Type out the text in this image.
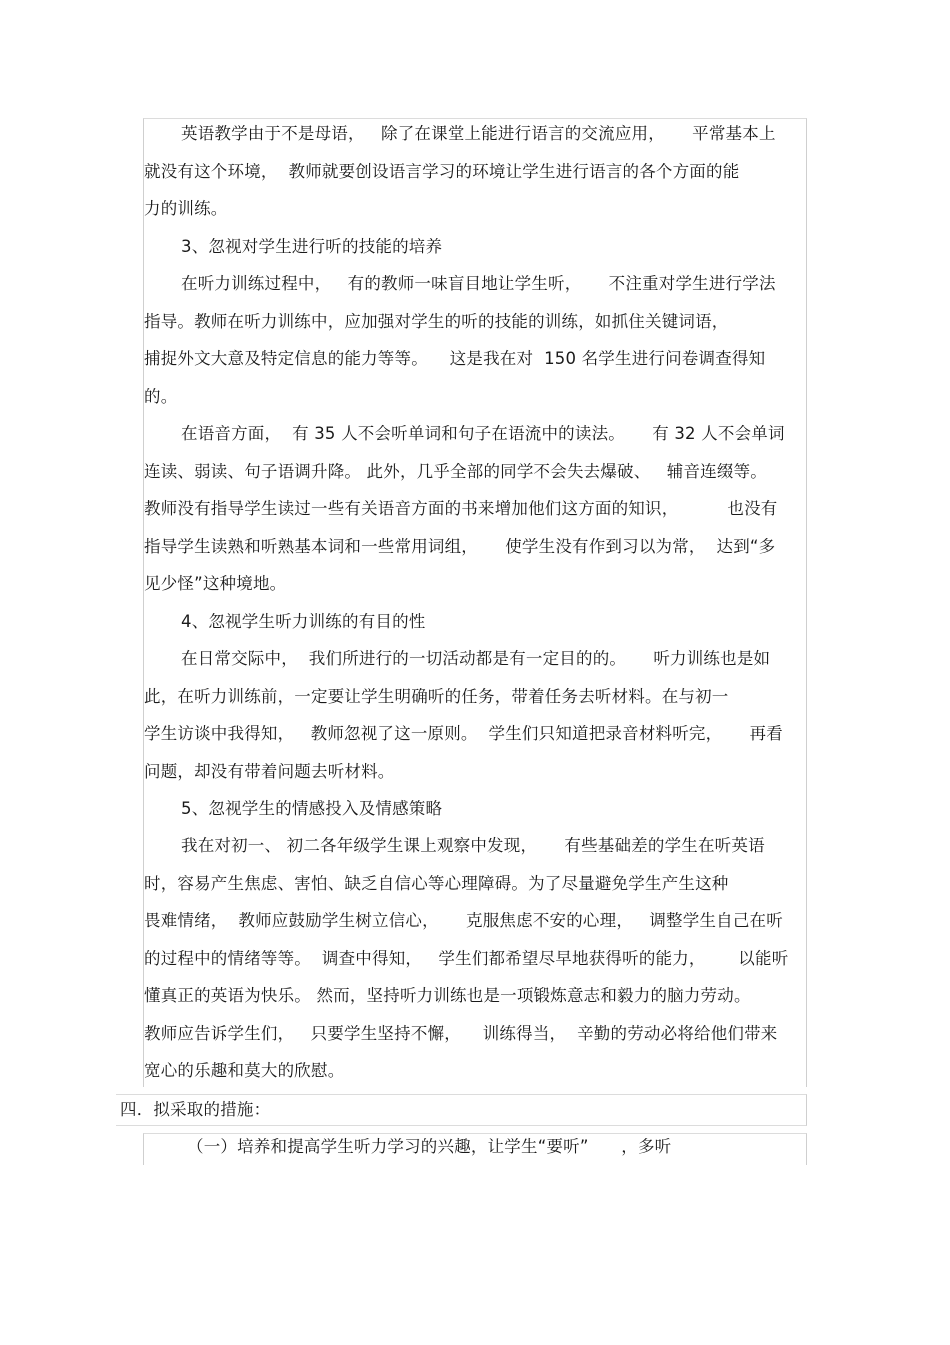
英语教学由于不是母语，   除了在课堂上能进行语言的交流应用，     平常基本上
就没有这个环境，  教师就要创设语言学习的环境让学生进行语言的各个方面的能
力的训练。
3、忽视对学生进行听的技能的培养
在听力训练过程中，   有的教师一味盲目地让学生听，     不注重对学生进行学法
指导。教师在听力训练中，应加强对学生的听的技能的训练，如抓住关键词语，
捕捉外文大意及特定信息的能力等等。    这是我在对  150 名学生进行问卷调查得知
的。
在语音方面，  有 35 人不会听单词和句子在语流中的读法。     有 32 人不会单词
连读、弱读、句子语调升降。 此外，几乎全部的同学不会失去爆破、   辅音连缀等。
教师没有指导学生读过一些有关语音方面的书来增加他们这方面的知识，         也没有
指导学生读熟和听熟基本词和一些常用词组，     使学生没有作到习以为常，  达到“多
见少怪”这种境地。
4、忽视学生听力训练的有目的性
在日常交际中，  我们所进行的一切活动都是有一定目的的。     听力训练也是如
此，在听力训练前，一定要让学生明确听的任务，带着任务去听材料。在与初一
学生访谈中我得知，   教师忽视了这一原则。  学生们只知道把录音材料听完，     再看
问题，却没有带着问题去听材料。
5、忽视学生的情感投入及情感策略
我在对初一、 初二各年级学生课上观察中发现，     有些基础差的学生在听英语
时，容易产生焦虑、害怕、缺乏自信心等心理障碍。为了尽量避免学生产生这种
畏难情绪，  教师应鼓励学生树立信心，     克服焦虑不安的心理，   调整学生自己在听
的过程中的情绪等等。  调查中得知，   学生们都希望尽早地获得听的能力，      以能听
懂真正的英语为快乐。 然而，坚持听力训练也是一项锻炼意志和毅力的脑力劳动。
教师应告诉学生们，   只要学生坚持不懈，    训练得当，  辛勤的劳动必将给他们带来
宽心的乐趣和莫大的欣慰。
四．拟采取的措施：
（一）培养和提高学生听力学习的兴趣，让学生“要听”      ，多听
